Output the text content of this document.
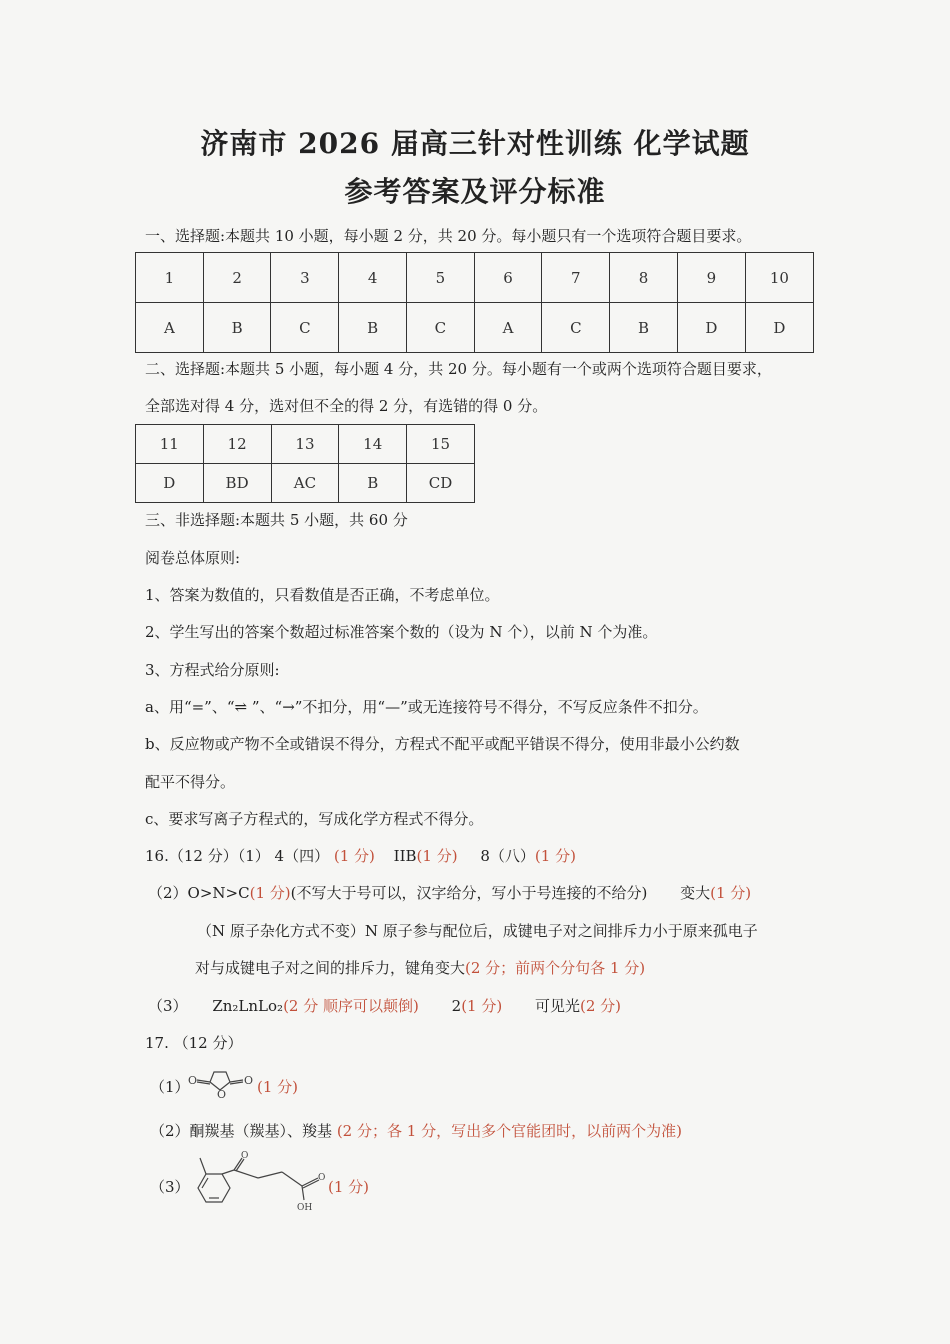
济南市 2026 届高三针对性训练 化学试题
参考答案及评分标准
一、选择题:本题共 10 小题，每小题 2 分，共 20 分。每小题只有一个选项符合题目要求。
1	2	3	4	5	6	7	8	9	10
A	B	C	B	C	A	C	B	D	D
二、选择题:本题共 5 小题，每小题 4 分，共 20 分。每小题有一个或两个选项符合题目要求，
全部选对得 4 分，选对但不全的得 2 分，有选错的得 0 分。
11	12	13	14	15
D	BD	AC	B	CD
三、非选择题:本题共 5 小题，共 60 分
阅卷总体原则:
1、答案为数值的，只看数值是否正确，不考虑单位。
2、学生写出的答案个数超过标准答案个数的（设为 N 个），以前 N 个为准。
3、方程式给分原则:
a、用“=”、“⇌ ”、“→”不扣分，用“—”或无连接符号不得分，不写反应条件不扣分。
b、反应物或产物不全或错误不得分，方程式不配平或配平错误不得分，使用非最小公约数
配平不得分。
c、要求写离子方程式的，写成化学方程式不得分。
16.（12 分）（1） 4（四） (1 分) IIB(1 分) 8（八）(1 分)
（2）O>N>C(1 分)(不写大于号可以，汉字给分，写小于号连接的不给分) 变大(1 分)
（N 原子杂化方式不变）N 原子参与配位后，成键电子对之间排斥力小于原来孤电子
对与成键电子对之间的排斥力，键角变大(2 分；前两个分句各 1 分)
（3） Zn₂LnLo₂(2 分 顺序可以颠倒) 2(1 分) 可见光(2 分)
17. （12 分）
（1）
O	O
O (1 分)
（2）酮羰基（羰基）、羧基 (2 分；各 1 分，写出多个官能团时，以前两个为准)
（3）
O
O
OH
(1 分)
